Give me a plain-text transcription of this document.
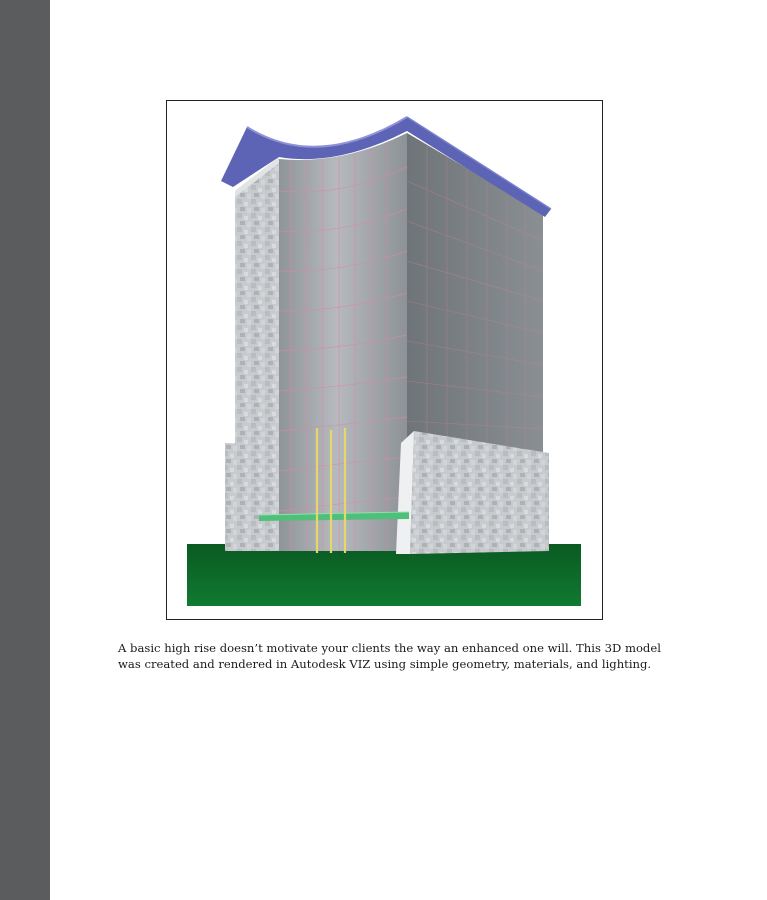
A basic high rise doesn’t motivate your clients the way an enhanced one will. This 3D model was created and rendered in Autodesk VIZ using simple geometry, materials, and lighting.
